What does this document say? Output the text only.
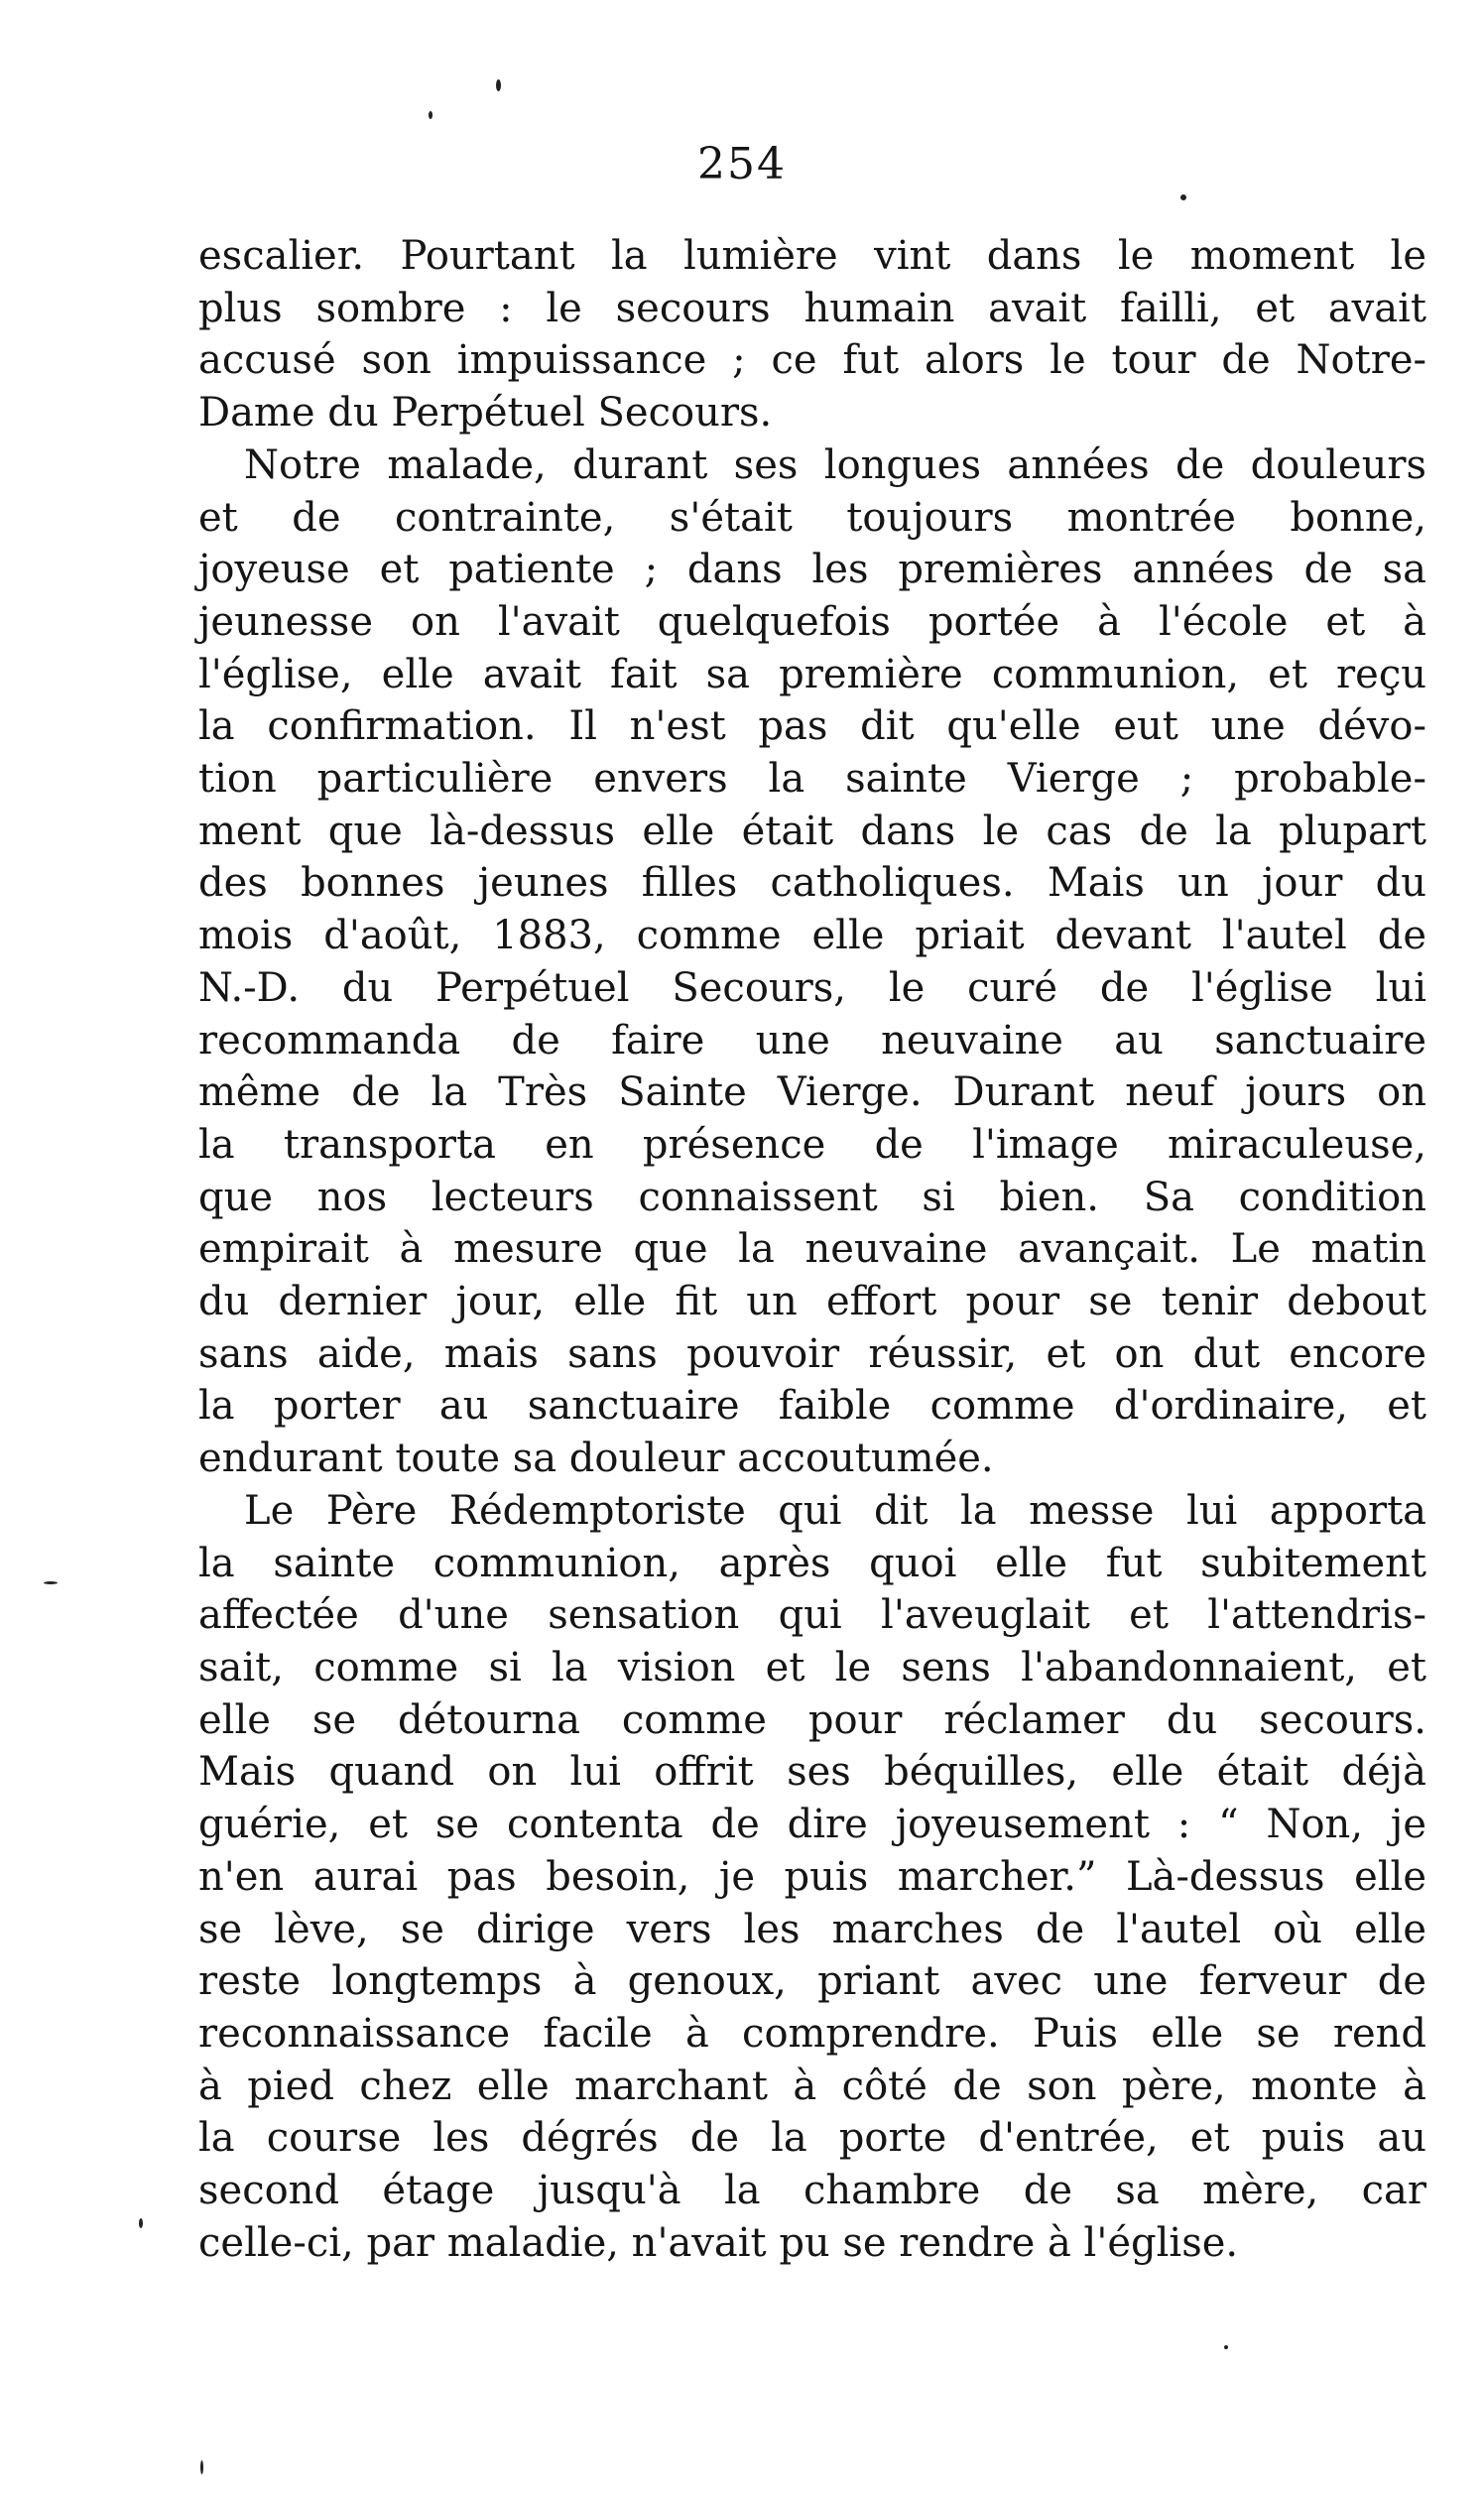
254
escalier. Pourtant la lumière vint dans le moment le
plus sombre : le secours humain avait failli, et avait
accusé son impuissance ; ce fut alors le tour de Notre-
Dame du Perpétuel Secours.
Notre malade, durant ses longues années de douleurs
et de contrainte, s'était toujours montrée bonne,
joyeuse et patiente ; dans les premières années de sa
jeunesse on l'avait quelquefois portée à l'école et à
l'église, elle avait fait sa première communion, et reçu
la confirmation. Il n'est pas dit qu'elle eut une dévo-
tion particulière envers la sainte Vierge ; probable-
ment que là-dessus elle était dans le cas de la plupart
des bonnes jeunes filles catholiques. Mais un jour du
mois d'août, 1883, comme elle priait devant l'autel de
N.-D. du Perpétuel Secours, le curé de l'église lui
recommanda de faire une neuvaine au sanctuaire
même de la Très Sainte Vierge. Durant neuf jours on
la transporta en présence de l'image miraculeuse,
que nos lecteurs connaissent si bien. Sa condition
empirait à mesure que la neuvaine avançait. Le matin
du dernier jour, elle fit un effort pour se tenir debout
sans aide, mais sans pouvoir réussir, et on dut encore
la porter au sanctuaire faible comme d'ordinaire, et
endurant toute sa douleur accoutumée.
Le Père Rédemptoriste qui dit la messe lui apporta
la sainte communion, après quoi elle fut subitement
affectée d'une sensation qui l'aveuglait et l'attendris-
sait, comme si la vision et le sens l'abandonnaient, et
elle se détourna comme pour réclamer du secours.
Mais quand on lui offrit ses béquilles, elle était déjà
guérie, et se contenta de dire joyeusement : “ Non, je
n'en aurai pas besoin, je puis marcher.” Là-dessus elle
se lève, se dirige vers les marches de l'autel où elle
reste longtemps à genoux, priant avec une ferveur de
reconnaissance facile à comprendre. Puis elle se rend
à pied chez elle marchant à côté de son père, monte à
la course les dégrés de la porte d'entrée, et puis au
second étage jusqu'à la chambre de sa mère, car
celle-ci, par maladie, n'avait pu se rendre à l'église.
